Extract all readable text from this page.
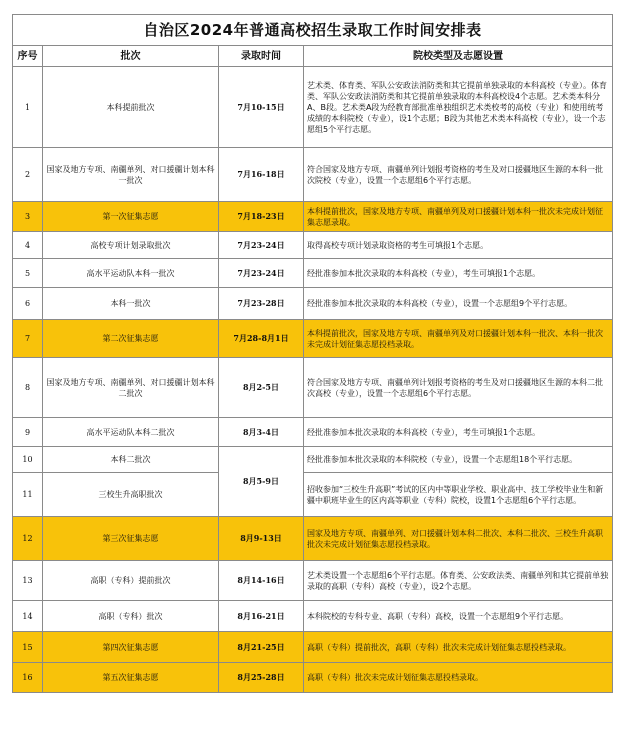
自治区2024年普通高校招生录取工作时间安排表			
序号	批次	录取时间	院校类型及志愿设置
1	本科提前批次	7月10-15日	艺术类、体育类、军队公安政法消防类和其它提前单独录取的本科高校（专业）。体育类、军队公安政法消防类和其它提前单独录取的本科高校设4个志愿。艺术类本科分A、B段。艺术类A段为经教育部批准单独组织艺术类校考的高校（专业）和使用统考成绩的本科院校（专业），设1个志愿；B段为其他艺术类本科高校（专业），设一个志愿组5个平行志愿。
2	国家及地方专项、南疆单列、对口援疆计划本科一批次	7月16-18日	符合国家及地方专项、南疆单列计划报考资格的考生及对口援疆地区生源的本科一批次院校（专业），设置一个志愿组6个平行志愿。
3	第一次征集志愿	7月18-23日	本科提前批次，国家及地方专项、南疆单列及对口援疆计划本科一批次未完成计划征集志愿录取。
4	高校专项计划录取批次	7月23-24日	取得高校专项计划录取资格的考生可填报1个志愿。
5	高水平运动队本科一批次	7月23-24日	经批准参加本批次录取的本科高校（专业），考生可填报1个志愿。
6	本科一批次	7月23-28日	经批准参加本批次录取的本科高校（专业），设置一个志愿组9个平行志愿。
7	第二次征集志愿	7月28-8月1日	本科提前批次，国家及地方专项、南疆单列及对口援疆计划本科一批次、本科一批次未完成计划征集志愿投档录取。
8	国家及地方专项、南疆单列、对口援疆计划本科二批次	8月2-5日	符合国家及地方专项、南疆单列计划报考资格的考生及对口援疆地区生源的本科二批次高校（专业），设置一个志愿组6个平行志愿。
9	高水平运动队本科二批次	8月3-4日	经批准参加本批次录取的本科高校（专业），考生可填报1个志愿。
10	本科二批次	8月5-9日	经批准参加本批次录取的本科院校（专业），设置一个志愿组18个平行志愿。
11	三校生升高职批次		招收参加“三校生升高职”考试的区内中等职业学校、职业高中、技工学校毕业生和新疆中职班毕业生的区内高等职业（专科）院校，设置1个志愿组6个平行志愿。
12	第三次征集志愿	8月9-13日	国家及地方专项、南疆单列、对口援疆计划本科二批次、本科二批次、三校生升高职批次未完成计划征集志愿投档录取。
13	高职（专科）提前批次	8月14-16日	艺术类设置一个志愿组6个平行志愿。体育类、公安政法类、南疆单列和其它提前单独录取的高职（专科）高校（专业），设2个志愿。
14	高职（专科）批次	8月16-21日	本科院校的专科专业、高职（专科）高校，设置一个志愿组9个平行志愿。
15	第四次征集志愿	8月21-25日	高职（专科）提前批次，高职（专科）批次未完成计划征集志愿投档录取。
16	第五次征集志愿	8月25-28日	高职（专科）批次未完成计划征集志愿投档录取。
